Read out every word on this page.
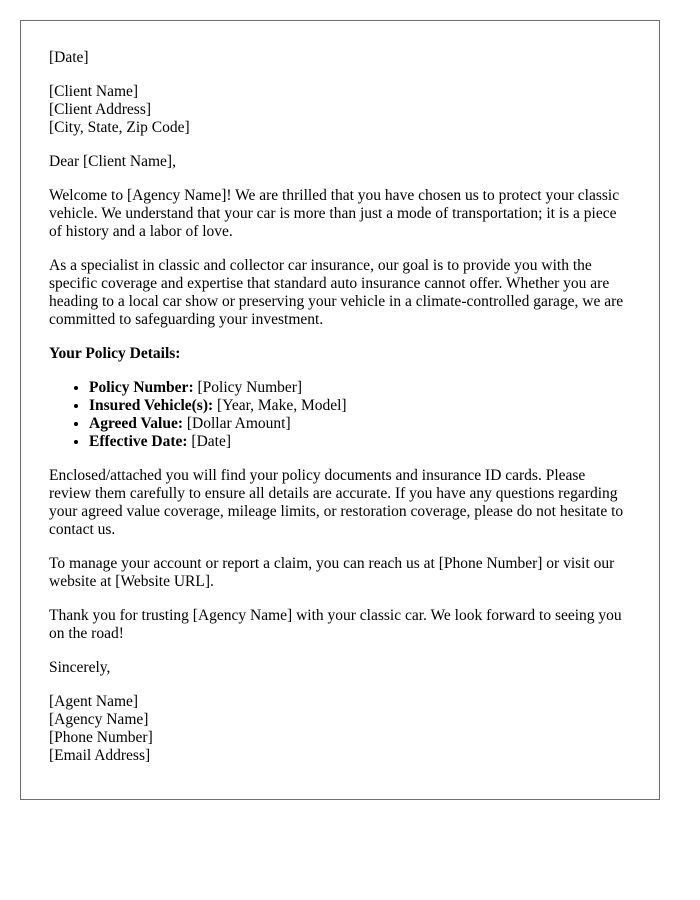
[Date]

[Client Name]
[Client Address]
[City, State, Zip Code]

Dear [Client Name],

Welcome to [Agency Name]! We are thrilled that you have chosen us to protect your classic vehicle. We understand that your car is more than just a mode of transportation; it is a piece of history and a labor of love.

As a specialist in classic and collector car insurance, our goal is to provide you with the specific coverage and expertise that standard auto insurance cannot offer. Whether you are heading to a local car show or preserving your vehicle in a climate-controlled garage, we are committed to safeguarding your investment.

Your Policy Details:
• Policy Number: [Policy Number]
• Insured Vehicle(s): [Year, Make, Model]
• Agreed Value: [Dollar Amount]
• Effective Date: [Date]

Enclosed/attached you will find your policy documents and insurance ID cards. Please review them carefully to ensure all details are accurate. If you have any questions regarding your agreed value coverage, mileage limits, or restoration coverage, please do not hesitate to contact us.

To manage your account or report a claim, you can reach us at [Phone Number] or visit our website at [Website URL].

Thank you for trusting [Agency Name] with your classic car. We look forward to seeing you on the road!

Sincerely,

[Agent Name]
[Agency Name]
[Phone Number]
[Email Address]
